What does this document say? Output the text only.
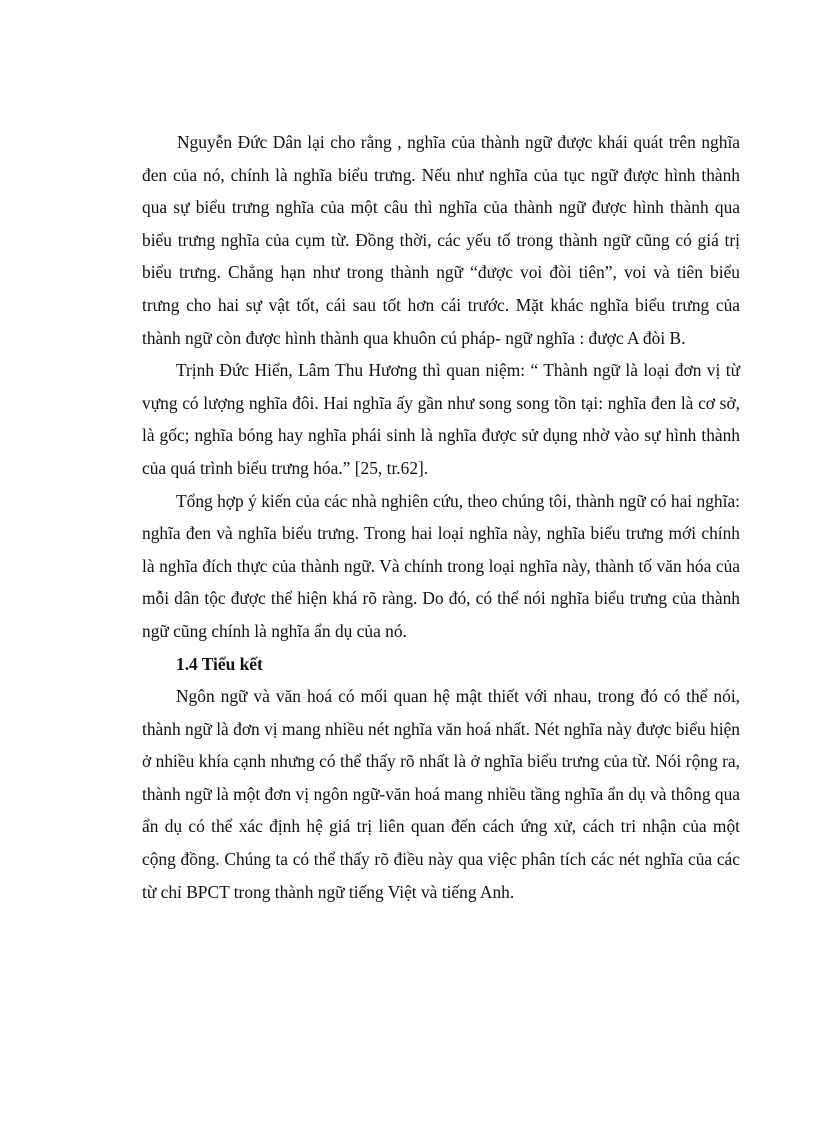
Nguyễn Đức Dân lại cho rằng , nghĩa của thành ngữ được khái quát trên nghĩa đen của nó, chính là nghĩa biểu trưng. Nếu như nghĩa của tục ngữ được hình thành qua sự biểu trưng nghĩa của một câu thì nghĩa của thành ngữ được hình thành qua biểu trưng nghĩa của cụm từ. Đồng thời, các yếu tố trong thành ngữ cũng có giá trị biểu trưng. Chẳng hạn như trong thành ngữ “được voi đòi tiên”, voi và tiên biểu trưng cho hai sự vật tốt, cái sau tốt hơn cái trước. Mặt khác nghĩa biểu trưng của thành ngữ còn được hình thành qua khuôn cú pháp- ngữ nghĩa : được A đòi B.

Trịnh Đức Hiển, Lâm Thu Hương thì quan niệm: “ Thành ngữ là loại đơn vị từ vựng có lượng nghĩa đôi. Hai nghĩa ấy gần như song song tồn tại: nghĩa đen là cơ sở, là gốc; nghĩa bóng hay nghĩa phái sinh là nghĩa được sử dụng nhờ vào sự hình thành của quá trình biểu trưng hóa.” [25, tr.62].

Tổng hợp ý kiến của các nhà nghiên cứu, theo chúng tôi, thành ngữ có hai nghĩa: nghĩa đen và nghĩa biểu trưng. Trong hai loại nghĩa này, nghĩa biểu trưng mới chính là nghĩa đích thực của thành ngữ. Và chính trong loại nghĩa này, thành tố văn hóa của mỗi dân tộc được thể hiện khá rõ ràng. Do đó, có thể nói nghĩa biểu trưng của thành ngữ cũng chính là nghĩa ẩn dụ của nó.

1.4 Tiểu kết

Ngôn ngữ và văn hoá có mối quan hệ mật thiết với nhau, trong đó có thể nói, thành ngữ là đơn vị mang nhiều nét nghĩa văn hoá nhất. Nét nghĩa này được biểu hiện ở nhiều khía cạnh nhưng có thể thấy rõ nhất là ở nghĩa biểu trưng của từ. Nói rộng ra, thành ngữ là một đơn vị ngôn ngữ-văn hoá mang nhiều tầng nghĩa ẩn dụ và thông qua ẩn dụ có thể xác định hệ giá trị liên quan đến cách ứng xử, cách tri nhận của một cộng đồng. Chúng ta có thể thấy rõ điều này qua việc phân tích các nét nghĩa của các từ chỉ BPCT trong thành ngữ tiếng Việt và tiếng Anh.
